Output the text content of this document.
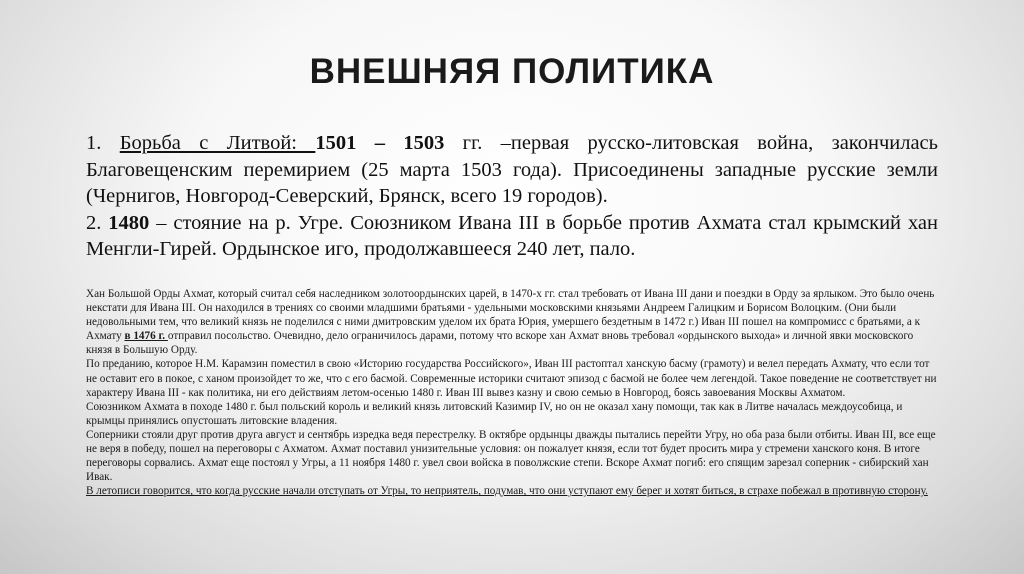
ВНЕШНЯЯ ПОЛИТИКА

1. Борьба с Литвой: 1501 – 1503 гг. –первая русско-литовская война, закончилась Благовещенским перемирием (25 марта 1503 года). Присоединены западные русские земли (Чернигов, Новгород-Северский, Брянск, всего 19 городов).

2. 1480 – стояние на р. Угре. Союзником Ивана III в борьбе против Ахмата стал крымский хан Менгли-Гирей. Ордынское иго, продолжавшееся 240 лет, пало.

Хан Большой Орды Ахмат, который считал себя наследником золотоордынских царей, в 1470-х гг. стал требовать от Ивана III дани и поездки в Орду за ярлыком. Это было очень некстати для Ивана III. Он находился в трениях со своими младшими братьями - удельными московскими князьями Андреем Галицким и Борисом Волоцким. (Они были недовольными тем, что великий князь не поделился с ними дмитровским уделом их брата Юрия, умершего бездетным в 1472 г.) Иван III пошел на компромисс с братьями, а к Ахмату в 1476 г. отправил посольство. Очевидно, дело ограничилось дарами, потому что вскоре хан Ахмат вновь требовал «ордынского выхода» и личной явки московского князя в Большую Орду.

По преданию, которое Н.М. Карамзин поместил в свою «Историю государства Российского», Иван III растоптал ханскую басму (грамоту) и велел передать Ахмату, что если тот не оставит его в покое, с ханом произойдет то же, что с его басмой. Современные историки считают эпизод с басмой не более чем легендой. Такое поведение не соответствует ни характеру Ивана III - как политика, ни его действиям летом-осенью 1480 г. Иван III вывез казну и свою семью в Новгород, боясь завоевания Москвы Ахматом.

Союзником Ахмата в походе 1480 г. был польский король и великий князь литовский Казимир IV, но он не оказал хану помощи, так как в Литве началась междоусобица, и крымцы принялись опустошать литовские владения.

Соперники стояли друг против друга август и сентябрь изредка ведя перестрелку. В октябре ордынцы дважды пытались перейти Угру, но оба раза были отбиты. Иван III, все еще не веря в победу, пошел на переговоры с Ахматом. Ахмат поставил унизительные условия: он пожалует князя, если тот будет просить мира у стремени ханского коня. В итоге переговоры сорвались. Ахмат еще постоял у Угры, а 11 ноября 1480 г. увел свои войска в поволжские степи. Вскоре Ахмат погиб: его спящим зарезал соперник - сибирский хан Ивак.

В летописи говорится, что когда русские начали отступать от Угры, то неприятель, подумав, что они уступают ему берег и хотят биться, в страхе побежал в противную сторону.
